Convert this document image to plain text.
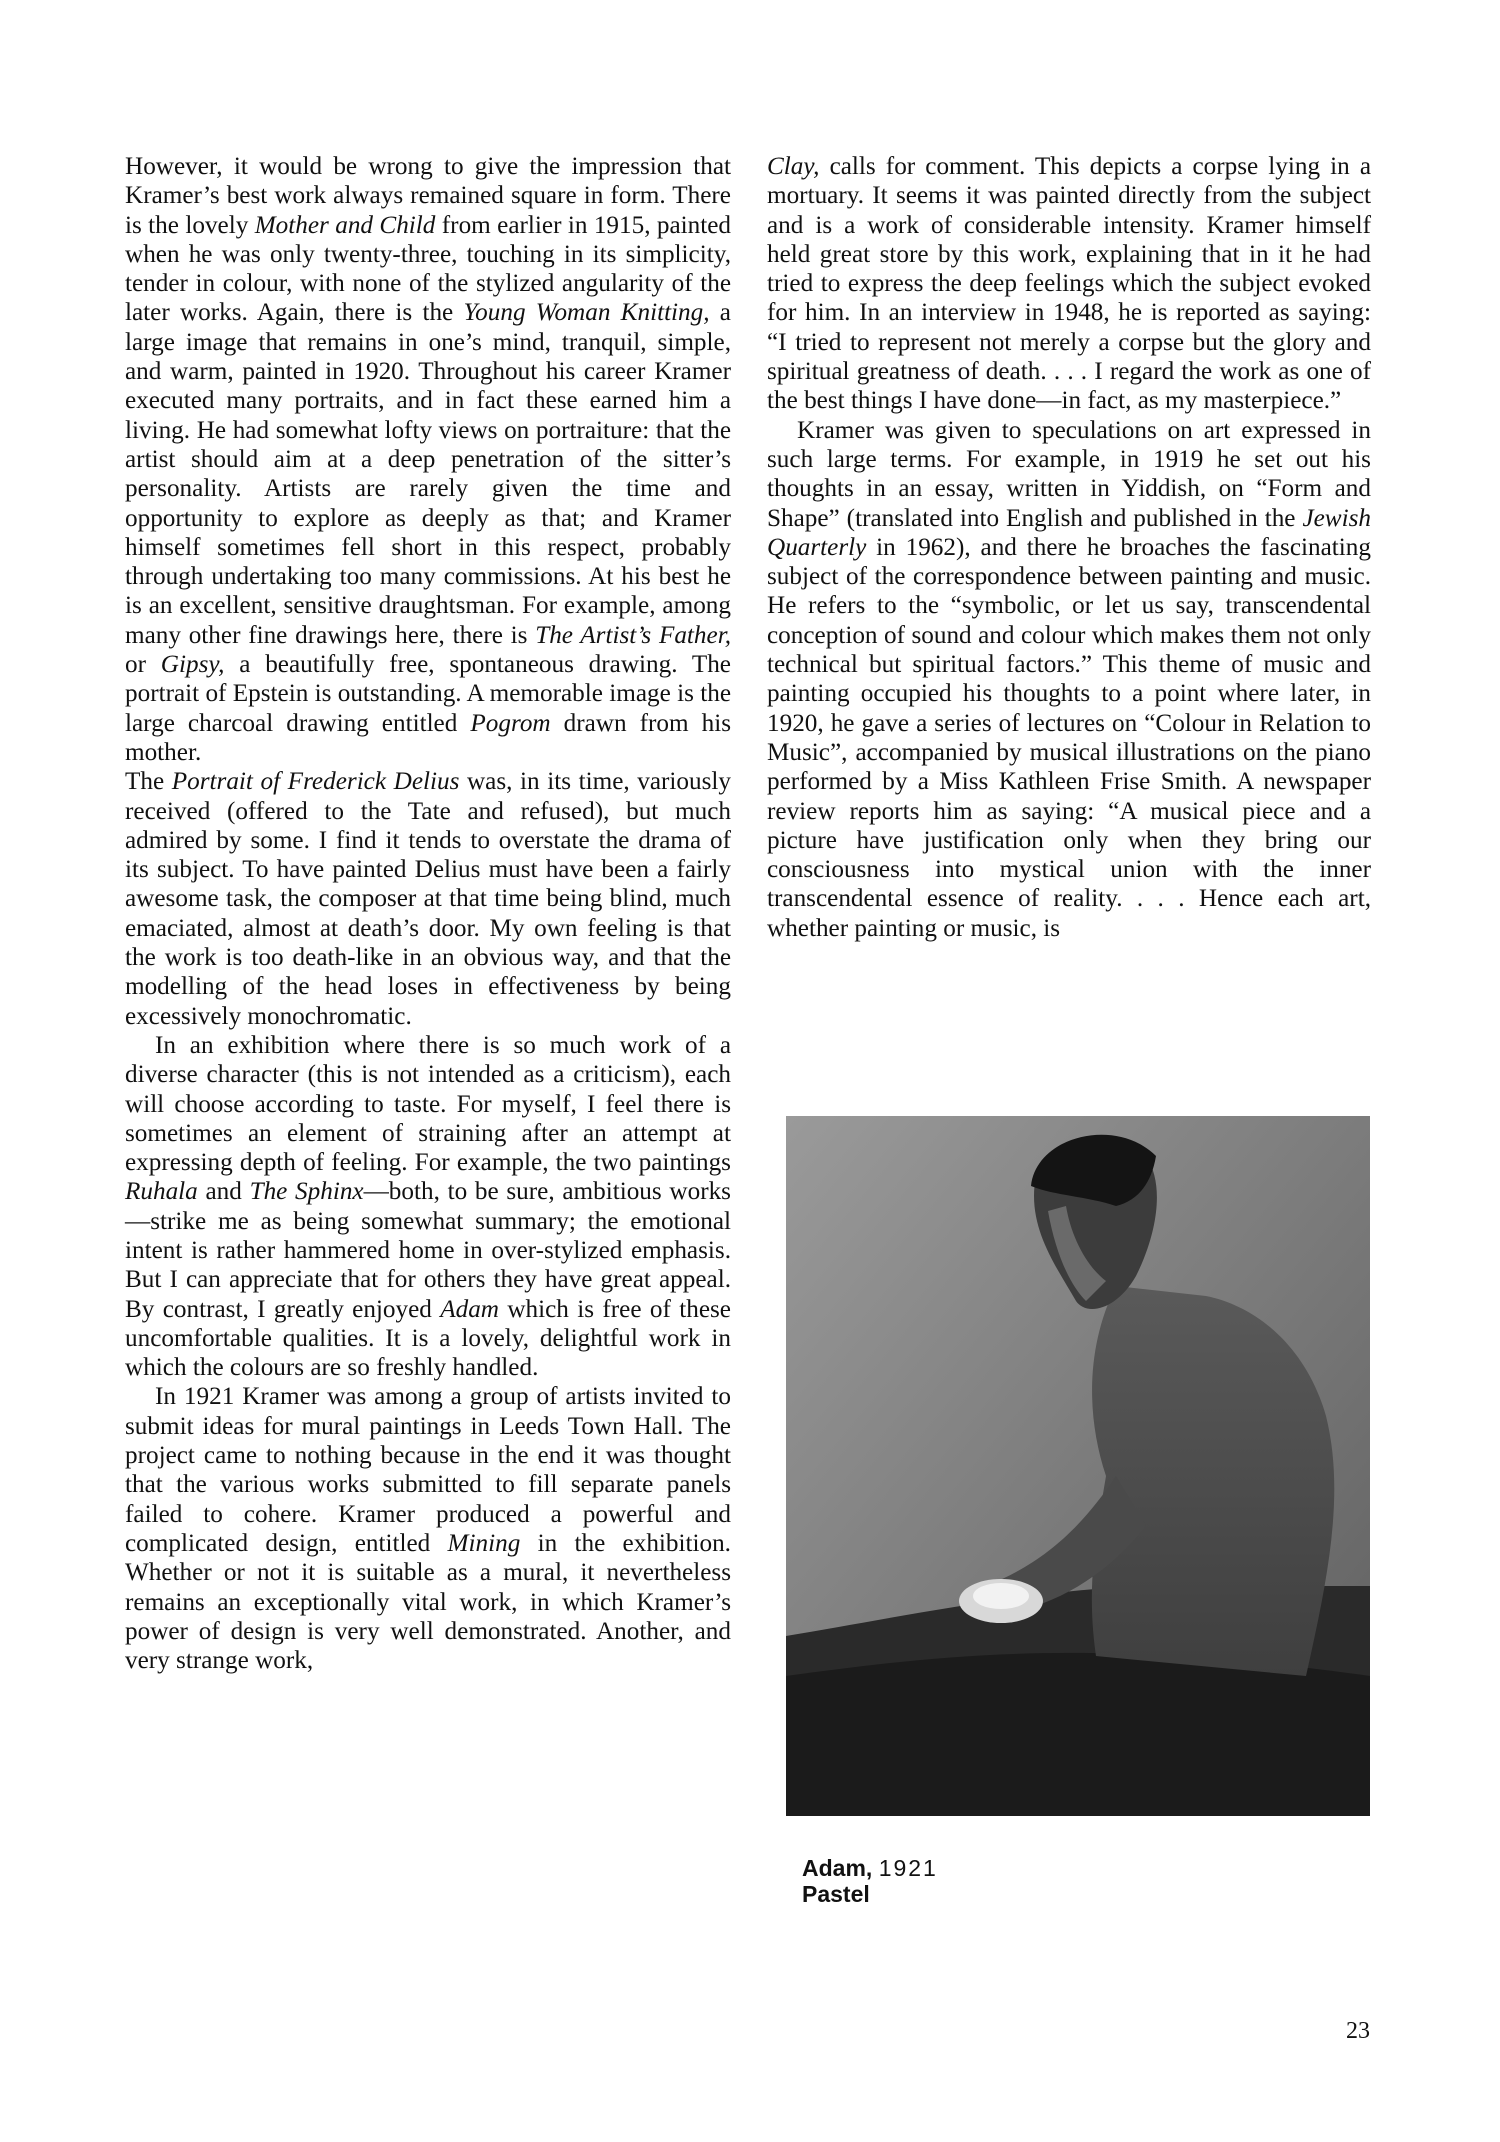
However, it would be wrong to give the impression that Kramer’s best work always remained square in form. There is the lovely Mother and Child from earlier in 1915, painted when he was only twenty-three, touching in its simplicity, tender in colour, with none of the stylized angularity of the later works. Again, there is the Young Woman Knitting, a large image that remains in one’s mind, tranquil, simple, and warm, painted in 1920. Throughout his career Kramer executed many portraits, and in fact these earned him a living. He had somewhat lofty views on portraiture: that the artist should aim at a deep penetration of the sitter’s personality. Artists are rarely given the time and opportunity to explore as deeply as that; and Kramer himself sometimes fell short in this respect, probably through undertaking too many commissions. At his best he is an excellent, sensitive draughtsman. For example, among many other fine drawings here, there is The Artist’s Father, or Gipsy, a beautifully free, spontaneous drawing. The portrait of Epstein is outstanding. A memorable image is the large charcoal drawing entitled Pogrom drawn from his mother.

The Portrait of Frederick Delius was, in its time, variously received (offered to the Tate and refused), but much admired by some. I find it tends to overstate the drama of its subject. To have painted Delius must have been a fairly awesome task, the composer at that time being blind, much emaciated, almost at death’s door. My own feeling is that the work is too death-like in an obvious way, and that the modelling of the head loses in effectiveness by being excessively monochromatic.

In an exhibition where there is so much work of a diverse character (this is not intended as a criticism), each will choose according to taste. For myself, I feel there is sometimes an element of straining after an attempt at expressing depth of feeling. For example, the two paintings Ruhala and The Sphinx—both, to be sure, ambitious works—strike me as being somewhat summary; the emotional intent is rather hammered home in over-stylized emphasis. But I can appreciate that for others they have great appeal. By contrast, I greatly enjoyed Adam which is free of these uncomfortable qualities. It is a lovely, delightful work in which the colours are so freshly handled.

In 1921 Kramer was among a group of artists invited to submit ideas for mural paintings in Leeds Town Hall. The project came to nothing because in the end it was thought that the various works submitted to fill separate panels failed to cohere. Kramer produced a powerful and complicated design, entitled Mining in the exhibition. Whether or not it is suitable as a mural, it nevertheless remains an exceptionally vital work, in which Kramer’s power of design is very well demonstrated. Another, and very strange work,

Clay, calls for comment. This depicts a corpse lying in a mortuary. It seems it was painted directly from the subject and is a work of considerable intensity. Kramer himself held great store by this work, explaining that in it he had tried to express the deep feelings which the subject evoked for him. In an interview in 1948, he is reported as saying: “I tried to represent not merely a corpse but the glory and spiritual greatness of death. . . . I regard the work as one of the best things I have done—in fact, as my masterpiece.”

Kramer was given to speculations on art expressed in such large terms. For example, in 1919 he set out his thoughts in an essay, written in Yiddish, on “Form and Shape” (translated into English and published in the Jewish Quarterly in 1962), and there he broaches the fascinating subject of the correspondence between painting and music. He refers to the “symbolic, or let us say, transcendental conception of sound and colour which makes them not only technical but spiritual factors.” This theme of music and painting occupied his thoughts to a point where later, in 1920, he gave a series of lectures on “Colour in Relation to Music”, accompanied by musical illustrations on the piano performed by a Miss Kathleen Frise Smith. A newspaper review reports him as saying: “A musical piece and a picture have justification only when they bring our consciousness into mystical union with the inner transcendental essence of reality. . . . Hence each art, whether painting or music, is

Adam, 1921
Pastel
23
